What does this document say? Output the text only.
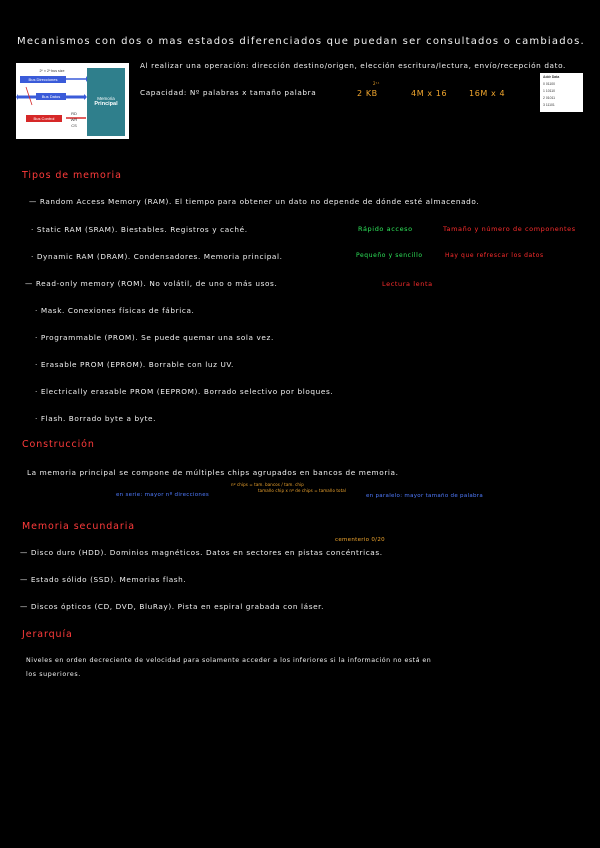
Mecanismos con dos o mas estados diferenciados que puedan ser consultados o cambiados.
2ⁿ × 2ⁿ bus size
Bus Direcciones
Bus Datos
Bus Control
RD
WR
CS
Memoria
Principal
Al realizar una operación: dirección destino/origen, elección escritura/lectura, envío/recepción dato.
Capacidad: Nº palabras x tamaño palabra
2¹¹
2 KB	4M x 16	16M x 4
Addr Data
0 01100
1 10110
2 01011
3 11101
Tipos de memoria
— Random Access Memory (RAM). El tiempo para obtener un dato no depende de dónde esté almacenado.
· Static RAM (SRAM). Biestables. Registros y caché.	Rápido acceso	Tamaño y número de componentes
· Dynamic RAM (DRAM). Condensadores. Memoria principal.	Pequeño y sencillo	Hay que refrescar los datos
— Read-only memory (ROM). No volátil, de uno o más usos.	Lectura lenta
· Mask. Conexiones físicas de fábrica.
· Programmable (PROM). Se puede quemar una sola vez.
· Erasable PROM (EPROM). Borrable con luz UV.
· Electrically erasable PROM (EEPROM). Borrado selectivo por bloques.
· Flash. Borrado byte a byte.
Construcción
La memoria principal se compone de múltiples chips agrupados en bancos de memoria.
nº chips = tam. bancos / tam. chip
tamaño chip x nº de chips = tamaño total
en serie: mayor nº direcciones	en paralelo: mayor tamaño de palabra
Memoria secundaria
cementerio 0/20
— Disco duro (HDD). Dominios magnéticos. Datos en sectores en pistas concéntricas.
— Estado sólido (SSD). Memorias flash.
— Discos ópticos (CD, DVD, BluRay). Pista en espiral grabada con láser.
Jerarquía
Niveles en orden decreciente de velocidad para solamente acceder a los inferiores si la información no está en
los superiores.
